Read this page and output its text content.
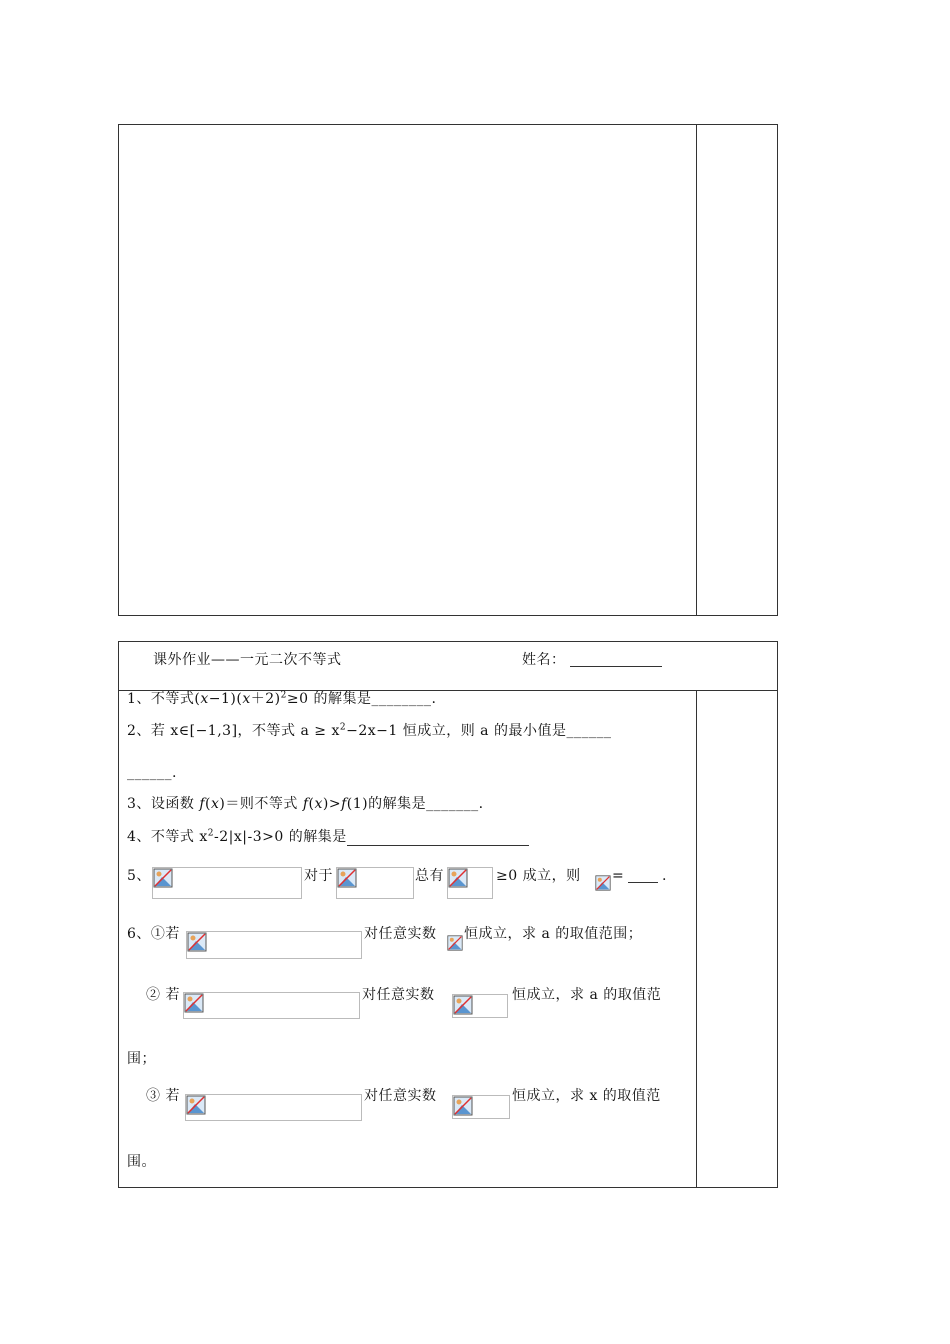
课外作业——一元二次不等式	姓名：
1、不等式$(x-1)(x+2)^2\ge 0$ 的解集是________.
2、若 x∈[−1,3]，不等式 $a \ge x^2-2x-1$ 恒成立，则 a 的最小值是______
______.
3、设函数 f(x)＝则不等式 f(x)>f(1)的解集是_______.
4、不等式 $x^2-2|x|-3>0$ 的解集是
5、	对于	总有	≥0 成立，则 =	.
6、①若	对任意实数 恒成立，求 a 的取值范围；
② 若	对任意实数	恒成立，求 a 的取值范
围；
③ 若	对任意实数	恒成立，求 x 的取值范
围。
